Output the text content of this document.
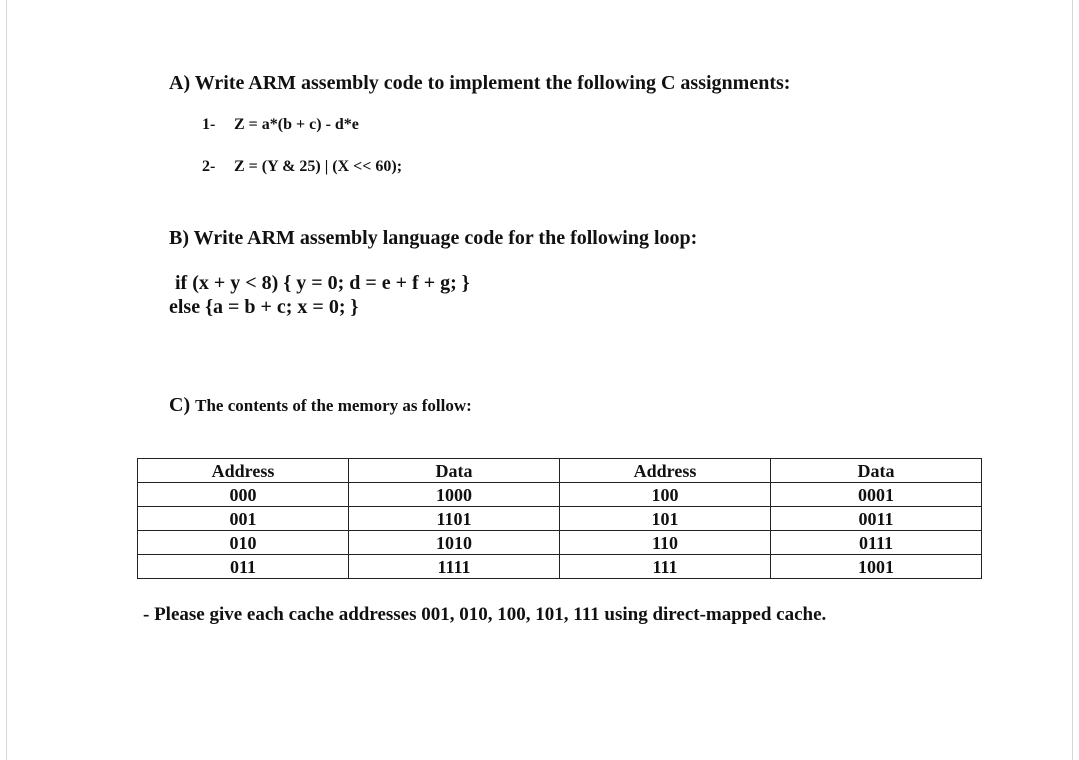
A) Write ARM assembly code to implement the following C assignments:
1- Z = a*(b + c) - d*e
2- Z = (Y & 25) | (X << 60);
B) Write ARM assembly language code for the following loop:
if (x + y < 8) { y = 0; d = e + f + g; }
else {a = b + c; x = 0; }
C) The contents of the memory as follow:
Address	Data	Address	Data
000	1000	100	0001
001	1101	101	0011
010	1010	110	0111
011	1111	111	1001
- Please give each cache addresses 001, 010, 100, 101, 111 using direct-mapped cache.
